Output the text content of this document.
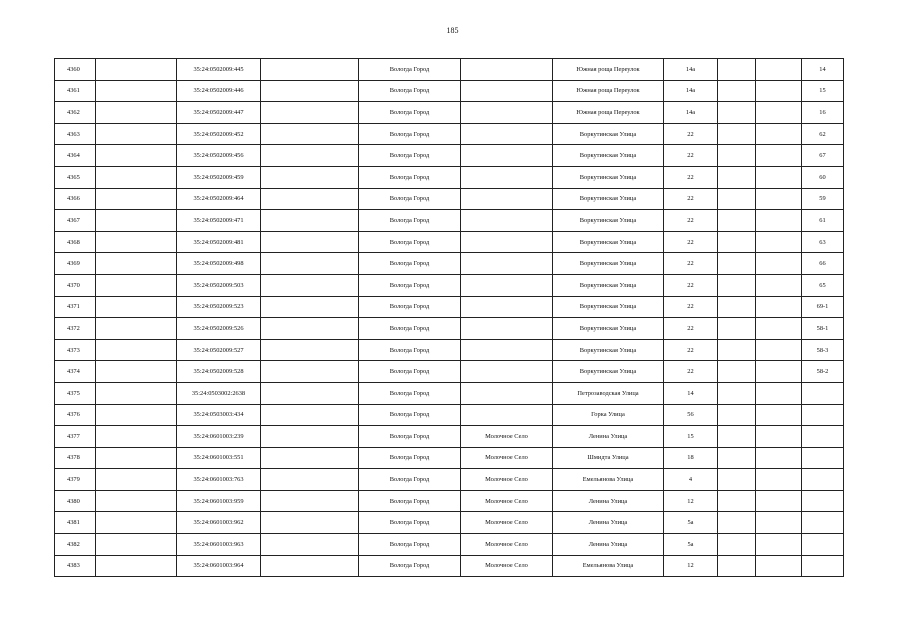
185
4360		35:24:0502009:445		Вологда Город		Южная роща Переулок	14а			14
4361		35:24:0502009:446		Вологда Город		Южная роща Переулок	14а			15
4362		35:24:0502009:447		Вологда Город		Южная роща Переулок	14а			16
4363		35:24:0502009:452		Вологда Город		Воркутинская Улица	22			62
4364		35:24:0502009:456		Вологда Город		Воркутинская Улица	22			67
4365		35:24:0502009:459		Вологда Город		Воркутинская Улица	22			60
4366		35:24:0502009:464		Вологда Город		Воркутинская Улица	22			59
4367		35:24:0502009:471		Вологда Город		Воркутинская Улица	22			61
4368		35:24:0502009:481		Вологда Город		Воркутинская Улица	22			63
4369		35:24:0502009:498		Вологда Город		Воркутинская Улица	22			66
4370		35:24:0502009:503		Вологда Город		Воркутинская Улица	22			65
4371		35:24:0502009:523		Вологда Город		Воркутинская Улица	22			69-1
4372		35:24:0502009:526		Вологда Город		Воркутинская Улица	22			58-1
4373		35:24:0502009:527		Вологда Город		Воркутинская Улица	22			58-3
4374		35:24:0502009:528		Вологда Город		Воркутинская Улица	22			58-2
4375		35:24:0503002:2638		Вологда Город		Петрозаводская Улица	14			
4376		35:24:0503003:434		Вологда Город		Горка Улица	56			
4377		35:24:0601003:239		Вологда Город	Молочное Село	Ленина Улица	15			
4378		35:24:0601003:551		Вологда Город	Молочное Село	Шмидта Улица	18			
4379		35:24:0601003:763		Вологда Город	Молочное Село	Емельянова Улица	4			
4380		35:24:0601003:959		Вологда Город	Молочное Село	Ленина Улица	12			
4381		35:24:0601003:962		Вологда Город	Молочное Село	Ленина Улица	5а			
4382		35:24:0601003:963		Вологда Город	Молочное Село	Ленина Улица	5а			
4383		35:24:0601003:964		Вологда Город	Молочное Село	Емельянова Улица	12			
